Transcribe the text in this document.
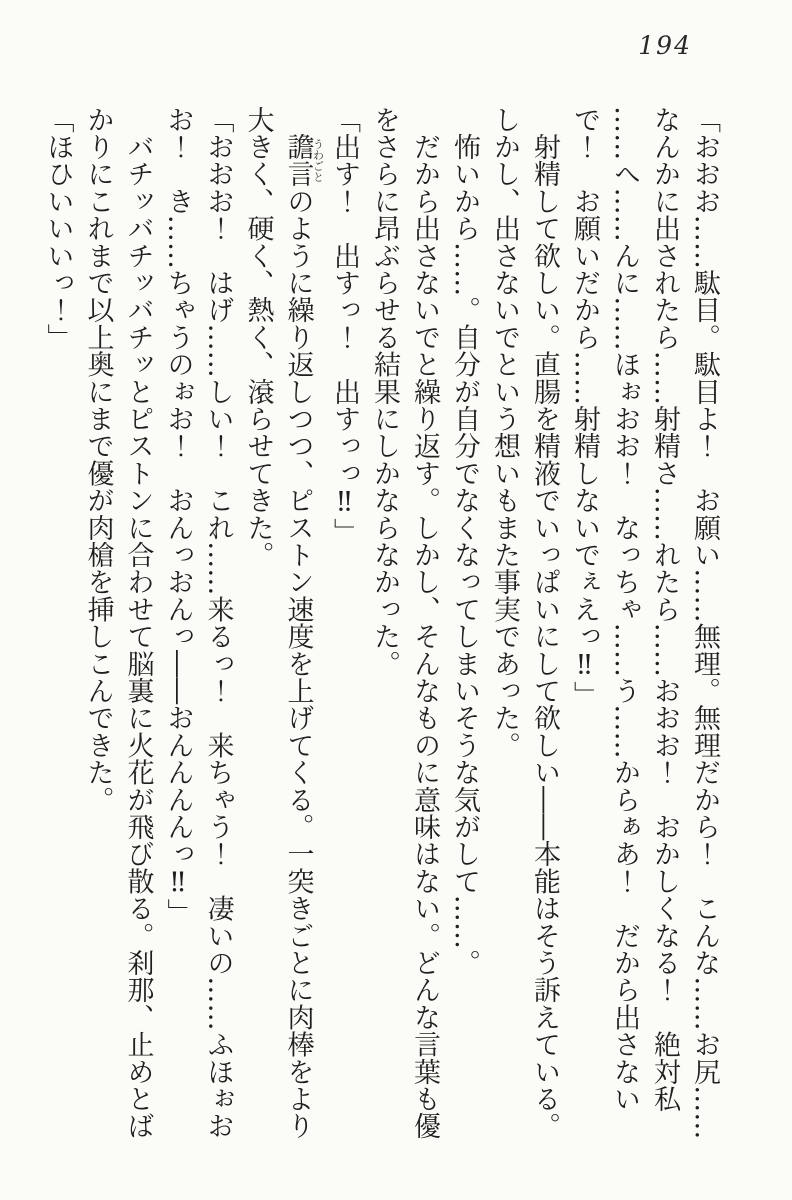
194

「おおお……駄目。駄目よ！　お願い……無理。無理だから！　こんな……お尻……

なんかに出されたら……射精さ……れたら……おおお！　おかしくなる！　絶対私

……へ……んに……ほぉおお！　なっちゃ……う……からぁあ！　だから出さない

で！　お願いだから……射精しないでぇえっ‼」

　射精して欲しい。直腸を精液でいっぱいにして欲しい――本能はそう訴えている。

しかし、出さないでという想いもまた事実であった。

　怖いから……。自分が自分でなくなってしまいそうな気がして……。

　だから出さないでと繰り返す。しかし、そんなものに意味はない。どんな言葉も優

をさらに昂ぶらせる結果にしかならなかった。

「出す！　出すっ！　出すっっ‼」

　譫言うわごとのように繰り返しつつ、ピストン速度を上げてくる。一突きごとに肉棒をより

大きく、硬く、熱く、滾らせてきた。

「おおお！　はげ……しい！　これ……来るっ！　来ちゃう！　凄いの……ふほぉお

お！　き……ちゃうのぉお！　おんっおんっ――おんんんんっ‼」

　バチッバチッバチッとピストンに合わせて脳裏に火花が飛び散る。刹那、止めとば

かりにこれまで以上奥にまで優が肉槍を挿しこんできた。

「ほひいいいっ！」
